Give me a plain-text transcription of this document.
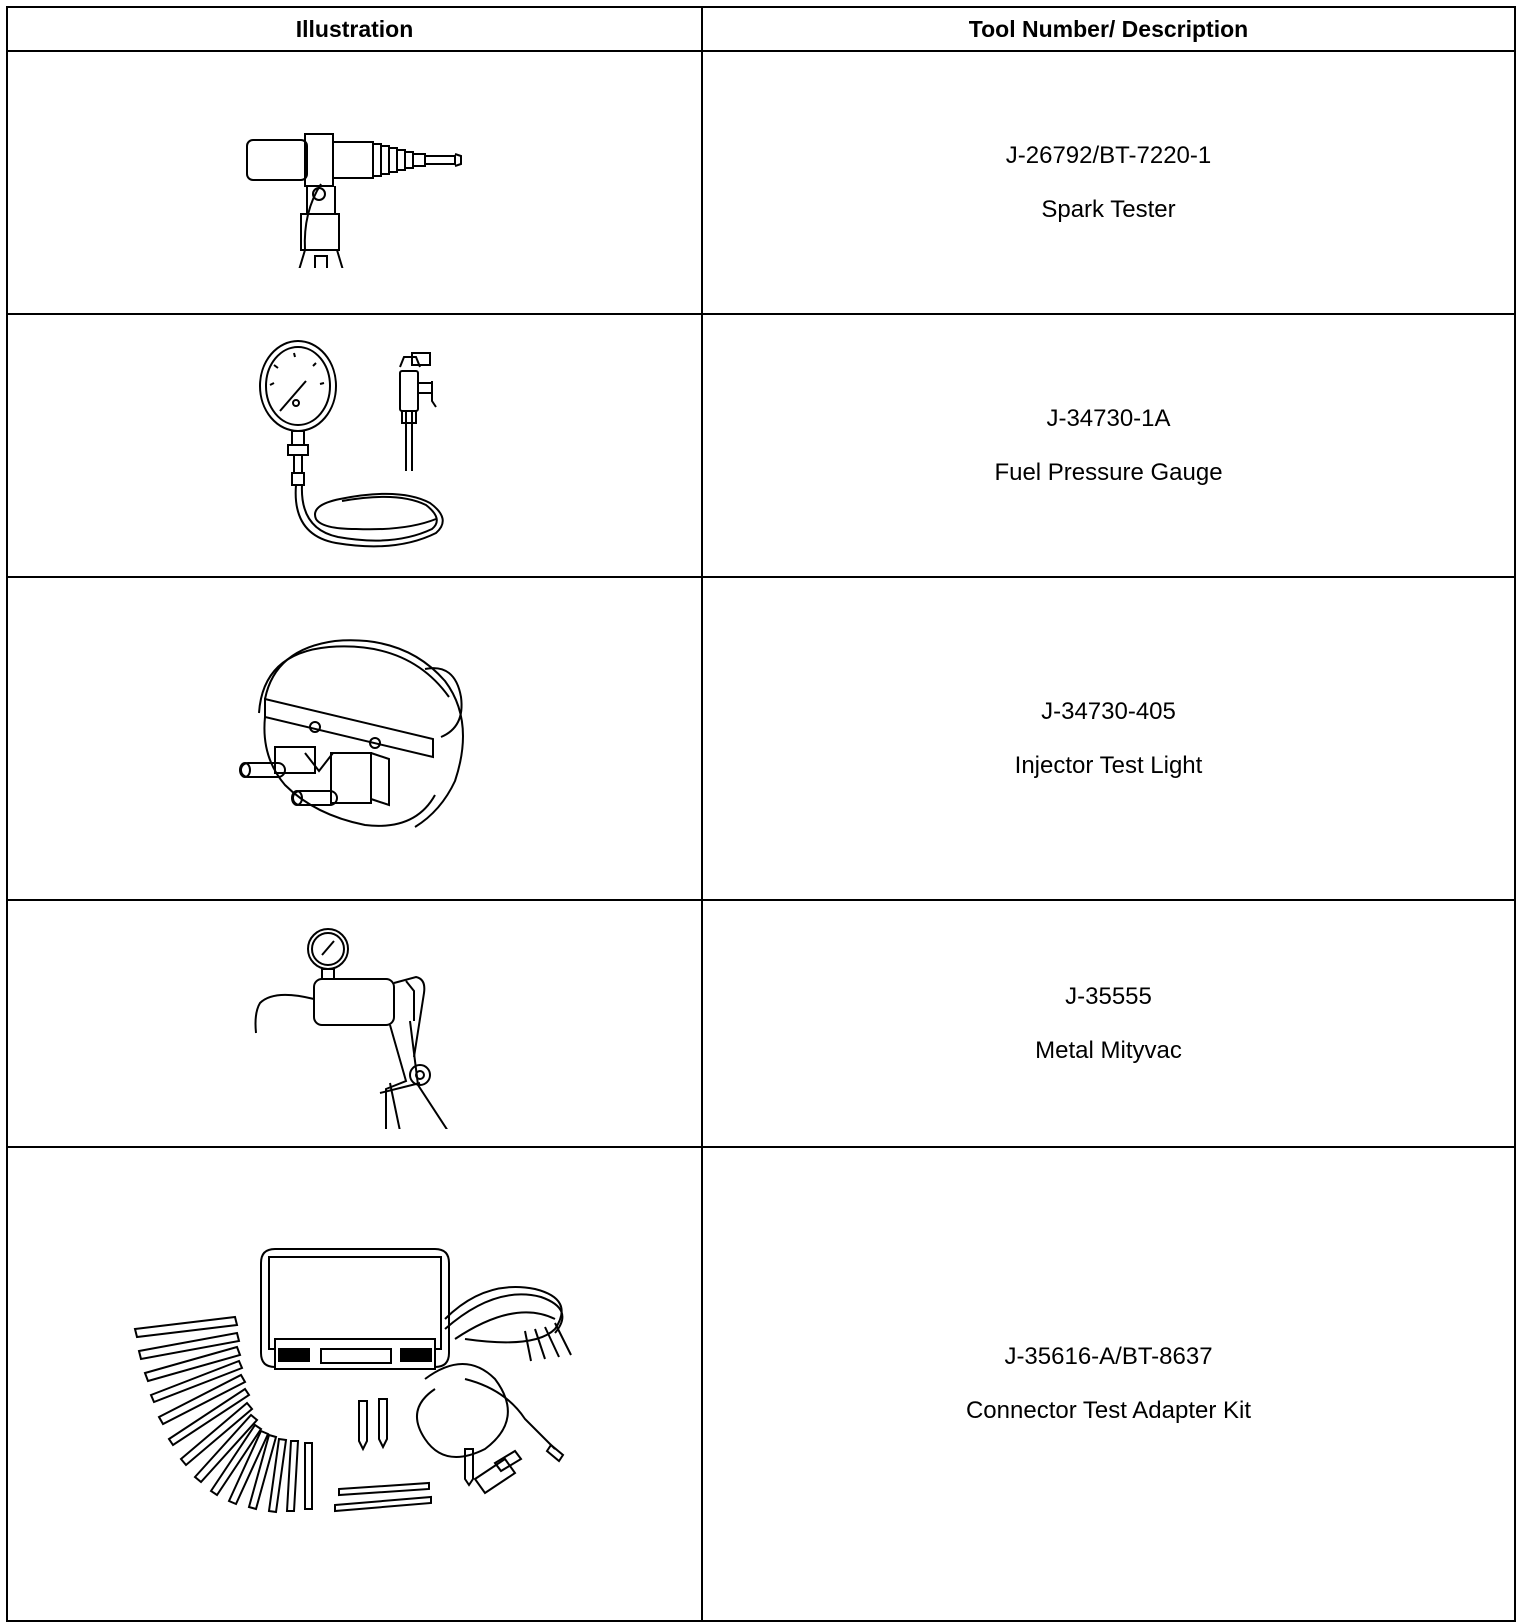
Illustration	Tool Number/ Description

J-26792/BT-7220-1
Spark Tester

J-34730-1A
Fuel Pressure Gauge

J-34730-405
Injector Test Light

J-35555
Metal Mityvac

J-35616-A/BT-8637
Connector Test Adapter Kit
